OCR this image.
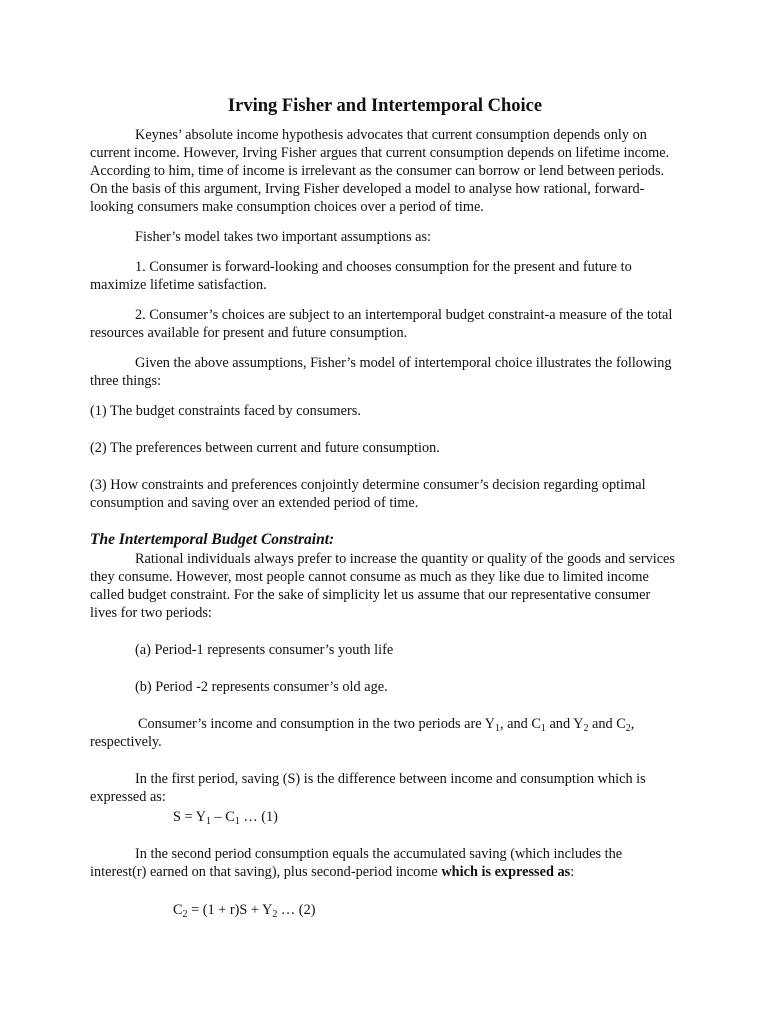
Irving Fisher and Intertemporal Choice

Keynes’ absolute income hypothesis advocates that current consumption depends only on current income. However, Irving Fisher argues that current consumption depends on lifetime income. According to him, time of income is irrelevant as the consumer can borrow or lend between periods. On the basis of this argument, Irving Fisher developed a model to analyse how rational, forward-looking consumers make consumption choices over a period of time.

Fisher’s model takes two important assumptions as:

1. Consumer is forward-looking and chooses consumption for the present and future to maximize lifetime satisfaction.

2. Consumer’s choices are subject to an intertemporal budget constraint-a measure of the total resources available for present and future consumption.

Given the above assumptions, Fisher’s model of intertemporal choice illustrates the following three things:

(1) The budget constraints faced by consumers.

(2) The preferences between current and future consumption.

(3) How constraints and preferences conjointly determine consumer’s decision regarding optimal consumption and saving over an extended period of time.

The Intertemporal Budget Constraint:

Rational individuals always prefer to increase the quantity or quality of the goods and services they consume. However, most people cannot consume as much as they like due to limited income called budget constraint. For the sake of simplicity let us assume that our representative consumer lives for two periods:

(a) Period-1 represents consumer’s youth life

(b) Period -2 represents consumer’s old age.

Consumer’s income and consumption in the two periods are $Y_1$, and $C_1$ and $Y_2$ and $C_2$, respectively.

In the first period, saving (S) is the difference between income and consumption which is expressed as:

$S = Y_1 - C_1$ … (1)

In the second period consumption equals the accumulated saving (which includes the interest(r) earned on that saving), plus second-period income which is expressed as:

$C_2 = (1 + r)S + Y_2$ … (2)
